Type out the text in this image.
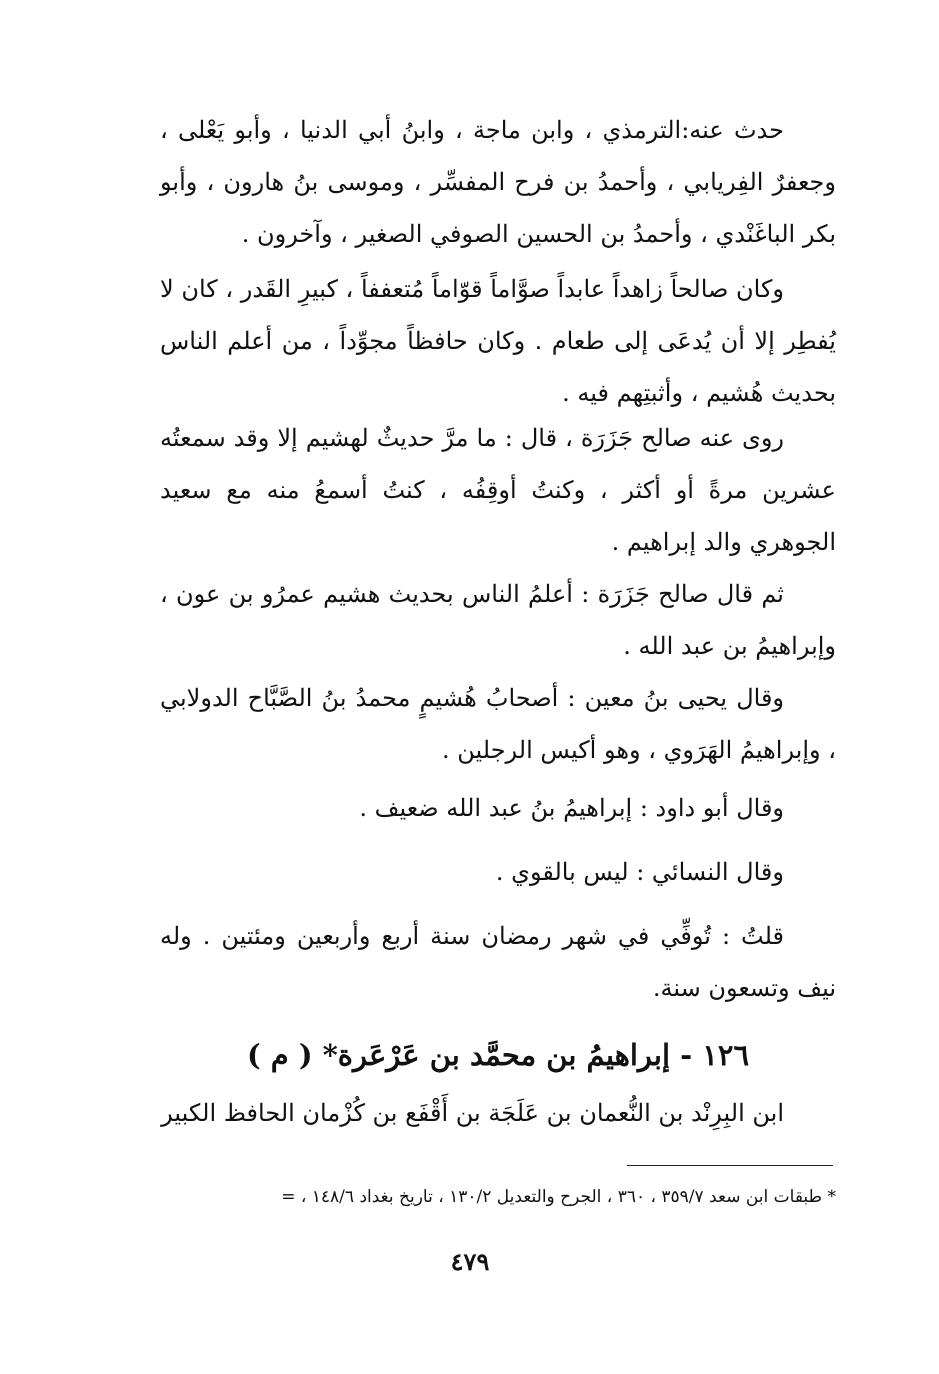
حدث عنه:الترمذي ، وابن ماجة ، وابنُ أبي الدنيا ، وأبو يَعْلى ، وجعفرٌ الفِريابي ، وأحمدُ بن فرح المفسِّر ، وموسى بنُ هارون ، وأبو بكر الباغَنْدي ، وأحمدُ بن الحسين الصوفي الصغير ، وآخرون .

وكان صالحاً زاهداً عابداً صوَّاماً قوّاماً مُتعففاً ، كبيرِ القَدر ، كان لا يُفطِر إلا أن يُدعَى إلى طعام . وكان حافظاً مجوِّداً ، من أعلم الناس بحديث هُشيم ، وأثبتِهم فيه .

روى عنه صالح جَزَرَة ، قال : ما مرَّ حديثٌ لهشيم إلا وقد سمعتُه عشرين مرةً أو أكثر ، وكنتُ أوقِفُه ، كنتُ أسمعُ منه مع سعيد الجوهري والد إبراهيم .

ثم قال صالح جَزَرَة : أعلمُ الناس بحديث هشيم عمرُو بن عون ، وإبراهيمُ بن عبد الله .

وقال يحيى بنُ معين : أصحابُ هُشيمٍ محمدُ بنُ الصَّبَّاح الدولابي ، وإبراهيمُ الهَرَوي ، وهو أكيس الرجلين .

وقال أبو داود : إبراهيمُ بنُ عبد الله ضعيف .

وقال النسائي : ليس بالقوي .

قلتُ : تُوفِّي في شهر رمضان سنة أربع وأربعين ومئتين . وله نيف وتسعون سنة.

١٢٦ - إبراهيمُ بن محمَّد بن عَرْعَرة* ( م )

ابن البِرِنْد بن النُّعمان بن عَلَجَة بن أَقْفَع بن كُزْمان الحافظ الكبير

* طبقات ابن سعد ٣٥٩/٧ ، ٣٦٠ ، الجرح والتعديل ١٣٠/٢ ، تاريخ بغداد ١٤٨/٦ ، =

٤٧٩
